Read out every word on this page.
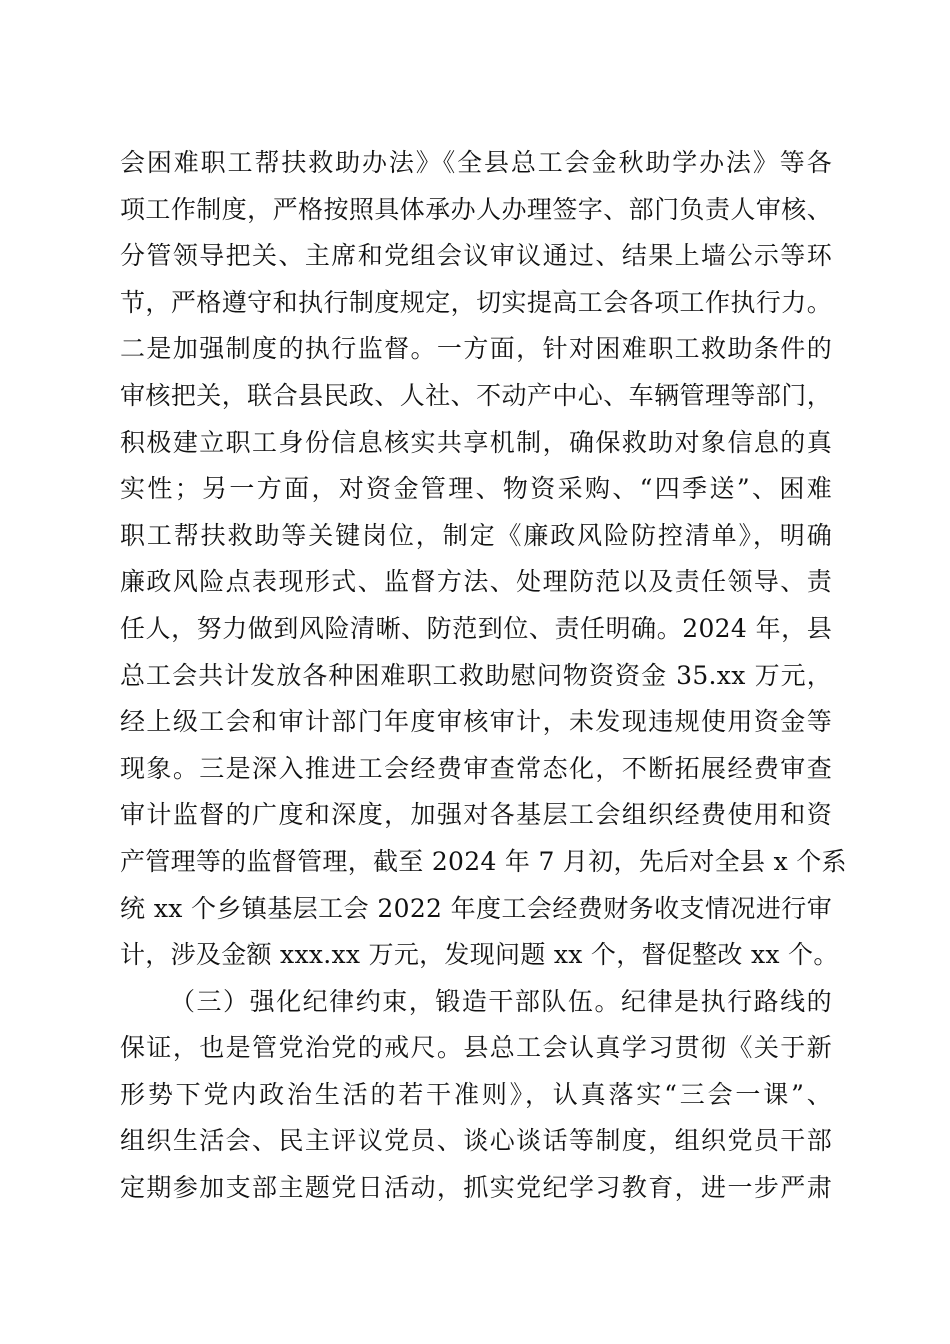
会困难职工帮扶救助办法》《全县总工会金秋助学办法》等各
项工作制度，严格按照具体承办人办理签字、部门负责人审核、
分管领导把关、主席和党组会议审议通过、结果上墙公示等环
节，严格遵守和执行制度规定，切实提高工会各项工作执行力。
二是加强制度的执行监督。一方面，针对困难职工救助条件的
审核把关，联合县民政、人社、不动产中心、车辆管理等部门，
积极建立职工身份信息核实共享机制，确保救助对象信息的真
实性；另一方面，对资金管理、物资采购、“四季送”、困难
职工帮扶救助等关键岗位，制定《廉政风险防控清单》，明确
廉政风险点表现形式、监督方法、处理防范以及责任领导、责
任人，努力做到风险清晰、防范到位、责任明确。2024 年，县
总工会共计发放各种困难职工救助慰问物资资金 35.xx 万元，
经上级工会和审计部门年度审核审计，未发现违规使用资金等
现象。三是深入推进工会经费审查常态化，不断拓展经费审查
审计监督的广度和深度，加强对各基层工会组织经费使用和资
产管理等的监督管理，截至 2024 年 7 月初，先后对全县 x 个系
统 xx 个乡镇基层工会 2022 年度工会经费财务收支情况进行审
计，涉及金额 xxx.xx 万元，发现问题 xx 个，督促整改 xx 个。
（三）强化纪律约束，锻造干部队伍。纪律是执行路线的
保证，也是管党治党的戒尺。县总工会认真学习贯彻《关于新
形势下党内政治生活的若干准则》，认真落实“三会一课”、
组织生活会、民主评议党员、谈心谈话等制度，组织党员干部
定期参加支部主题党日活动，抓实党纪学习教育，进一步严肃
